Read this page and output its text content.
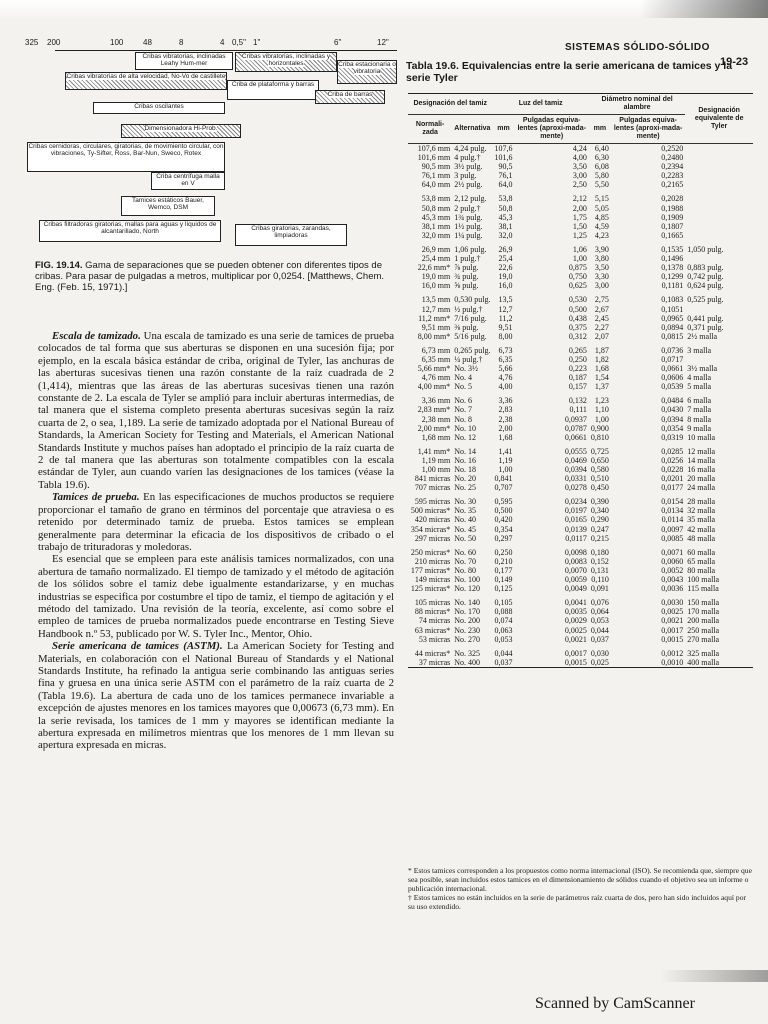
SISTEMAS SÓLIDO-SÓLIDO
19-23
325 200	100 48	8	4 0,5" 1"	6"	12"
Cribas vibratorias, inclinadas Leahy Hum-mer
Cribas vibratorias, inclinadas y horizontales	Criba estacionaria o vibratoria
Cribas vibratorias de alta velocidad, No-Vo de castillete
Criba de plataforma y barras
Criba de barras
Cribas oscilantes
Dimensionadora Hi-Prob.
Cribas cernidoras, circulares, giratorias, de movimiento circular, con vibraciones, Ty-Sifter, Ross, Bar-Nun, Sweco, Rotex
Criba centrífuga malla en V
Tamices estáticos Bauer, Wemco, DSM
Cribas filtradoras giratorias, mallas para aguas y líquidos de alcantarillado, North	Cribas giratorias, zarandas, limpiadoras
FIG. 19.14. Gama de separaciones que se pueden obtener con diferentes tipos de cribas. Para pasar de pulgadas a metros, multiplicar por 0,0254. [Matthews, Chem. Eng. (Feb. 15, 1971).]

Escala de tamizado. Una escala de tamizado es una serie de tamices de prueba colocados de tal forma que sus aberturas se disponen en una sucesión fija; por ejemplo, en la escala básica estándar de criba, original de Tyler, las anchuras de las aberturas sucesivas tienen una razón constante de la raíz cuadrada de 2 (1,414), mientras que las áreas de las aberturas sucesivas tienen una razón constante de 2. La escala de Tyler se amplió para incluir aberturas intermedias, de tal manera que el sistema completo presenta aberturas sucesivas según la raíz cuarta de 2, o sea, 1,189. La serie de tamizado adoptada por el National Bureau of Standards, la American Society for Testing and Materials, el American National Standards Institute y muchos países han adoptado el principio de la raíz cuarta de 2 de tal manera que las aberturas son totalmente compatibles con la escala estándar de Tyler, aun cuando varíen las designaciones de los tamices (véase la Tabla 19.6).

Tamices de prueba. En las especificaciones de muchos productos se requiere proporcionar el tamaño de grano en términos del porcentaje que atraviesa o es retenido por determinado tamiz de prueba. Estos tamices se emplean generalmente para determinar la eficacia de los dispositivos de cribado o el trabajo de trituradoras y moledoras.

Es esencial que se empleen para este análisis tamices normalizados, con una abertura de tamaño normalizado. El tiempo de tamizado y el método de agitación de los sólidos sobre el tamiz debe igualmente estandarizarse, y en muchas industrias se especifica por costumbre el tipo de tamiz, el tiempo de agitación y el método del tamizado. Una revisión de la teoría, excelente, así como sobre el empleo de tamices de prueba normalizados puede encontrarse en Testing Sieve Handbook n.º 53, publicado por W. S. Tyler Inc., Mentor, Ohio.

Serie americana de tamices (ASTM). La American Society for Testing and Materials, en colaboración con el National Bureau of Standards y el National Standards Institute, ha refinado la antigua serie combinando las antiguas series fina y gruesa en una única serie ASTM con el parámetro de la raíz cuarta de 2 (Tabla 19.6). La abertura de cada uno de los tamices permanece invariable a excepción de ajustes menores en los tamices mayores que 0,00673 (6,73 mm). En la serie revisada, los tamices de 1 mm y mayores se identifican mediante la abertura expresada en milímetros mientras que los menores de 1 mm llevan su apertura expresada en micras.

Tabla 19.6. Equivalencias entre la serie americana de tamices y la serie Tyler
Designación del tamiz		Luz del tamiz		Diámetro nominal del alambre		Designación equivalente de Tyler
Normali-zada	Alternativa	mm	Pulgadas equiva-lentes (aproxi-mada-mente)	mm	Pulgadas equiva-lentes (aproxi-mada-mente)	
107,6 mm	4,24 pulg.	107,6	4,24	6,40	0,2520	
101,6 mm	4 pulg.†	101,6	4,00	6,30	0,2480	
90,5 mm	3½ pulg.	90,5	3,50	6,08	0,2394	
76,1 mm	3 pulg.	76,1	3,00	5,80	0,2283	
64,0 mm	2½ pulg.	64,0	2,50	5,50	0,2165	
53,8 mm	2,12 pulg.	53,8	2,12	5,15	0,2028	
50,8 mm	2 pulg.†	50,8	2,00	5,05	0,1988	
45,3 mm	1¾ pulg.	45,3	1,75	4,85	0,1909	
38,1 mm	1½ pulg.	38,1	1,50	4,59	0,1807	
32,0 mm	1¼ pulg.	32,0	1,25	4,23	0,1665	
26,9 mm	1,06 pulg.	26,9	1,06	3,90	0,1535	1,050 pulg.
25,4 mm	1 pulg.†	25,4	1,00	3,80	0,1496	
22,6 mm*	⅞ pulg.	22,6	0,875	3,50	0,1378	0,883 pulg.
19,0 mm	¾ pulg.	19,0	0,750	3,30	0,1299	0,742 pulg.
16,0 mm	⅝ pulg.	16,0	0,625	3,00	0,1181	0,624 pulg.
13,5 mm	0,530 pulg.	13,5	0,530	2,75	0,1083	0,525 pulg.
12,7 mm	½ pulg.†	12,7	0,500	2,67	0,1051	
11,2 mm*	7/16 pulg.	11,2	0,438	2,45	0,0965	0,441 pulg.
9,51 mm	⅜ pulg.	9,51	0,375	2,27	0,0894	0,371 pulg.
8,00 mm*	5/16 pulg.	8,00	0,312	2,07	0,0815	2½ malla
6,73 mm	0,265 pulg.	6,73	0,265	1,87	0,0736	3 malla
6,35 mm	¼ pulg.†	6,35	0,250	1,82	0,0717	
5,66 mm*	No. 3½	5,66	0,223	1,68	0,0661	3½ malla
4,76 mm	No. 4	4,76	0,187	1,54	0,0606	4 malla
4,00 mm*	No. 5	4,00	0,157	1,37	0,0539	5 malla
3,36 mm	No. 6	3,36	0,132	1,23	0,0484	6 malla
2,83 mm*	No. 7	2,83	0,111	1,10	0,0430	7 malla
2,38 mm	No. 8	2,38	0,0937	1,00	0,0394	8 malla
2,00 mm*	No. 10	2,00	0,0787	0,900	0,0354	9 malla
1,68 mm	No. 12	1,68	0,0661	0,810	0,0319	10 malla
1,41 mm*	No. 14	1,41	0,0555	0,725	0,0285	12 malla
1,19 mm	No. 16	1,19	0,0469	0,650	0,0256	14 malla
1,00 mm	No. 18	1,00	0,0394	0,580	0,0228	16 malla
841 micras	No. 20	0,841	0,0331	0,510	0,0201	20 malla
707 micras	No. 25	0,707	0,0278	0,450	0,0177	24 malla
595 micras	No. 30	0,595	0,0234	0,390	0,0154	28 malla
500 micras*	No. 35	0,500	0,0197	0,340	0,0134	32 malla
420 micras	No. 40	0,420	0,0165	0,290	0,0114	35 malla
354 micras*	No. 45	0,354	0,0139	0,247	0,0097	42 malla
297 micras	No. 50	0,297	0,0117	0,215	0,0085	48 malla
250 micras*	No. 60	0,250	0,0098	0,180	0,0071	60 malla
210 micras	No. 70	0,210	0,0083	0,152	0,0060	65 malla
177 micras*	No. 80	0,177	0,0070	0,131	0,0052	80 malla
149 micras	No. 100	0,149	0,0059	0,110	0,0043	100 malla
125 micras*	No. 120	0,125	0,0049	0,091	0,0036	115 malla
105 micras	No. 140	0,105	0,0041	0,076	0,0030	150 malla
88 micras*	No. 170	0,088	0,0035	0,064	0,0025	170 malla
74 micras	No. 200	0,074	0,0029	0,053	0,0021	200 malla
63 micras*	No. 230	0,063	0,0025	0,044	0,0017	250 malla
53 micras	No. 270	0,053	0,0021	0,037	0,0015	270 malla
44 micras*	No. 325	0,044	0,0017	0,030	0,0012	325 malla
37 micras	No. 400	0,037	0,0015	0,025	0,0010	400 malla
* Estos tamices corresponden a los propuestos como norma internacional (ISO). Se recomienda que, siempre que sea posible, sean incluidos estos tamices en el dimensionamiento de sólidos cuando el objetivo sea un informe o publicación internacional.
† Estos tamices no están incluidos en la serie de parámetros raíz cuarta de dos, pero han sido incluidos aquí por su uso extendido.
Scanned by CamScanner
